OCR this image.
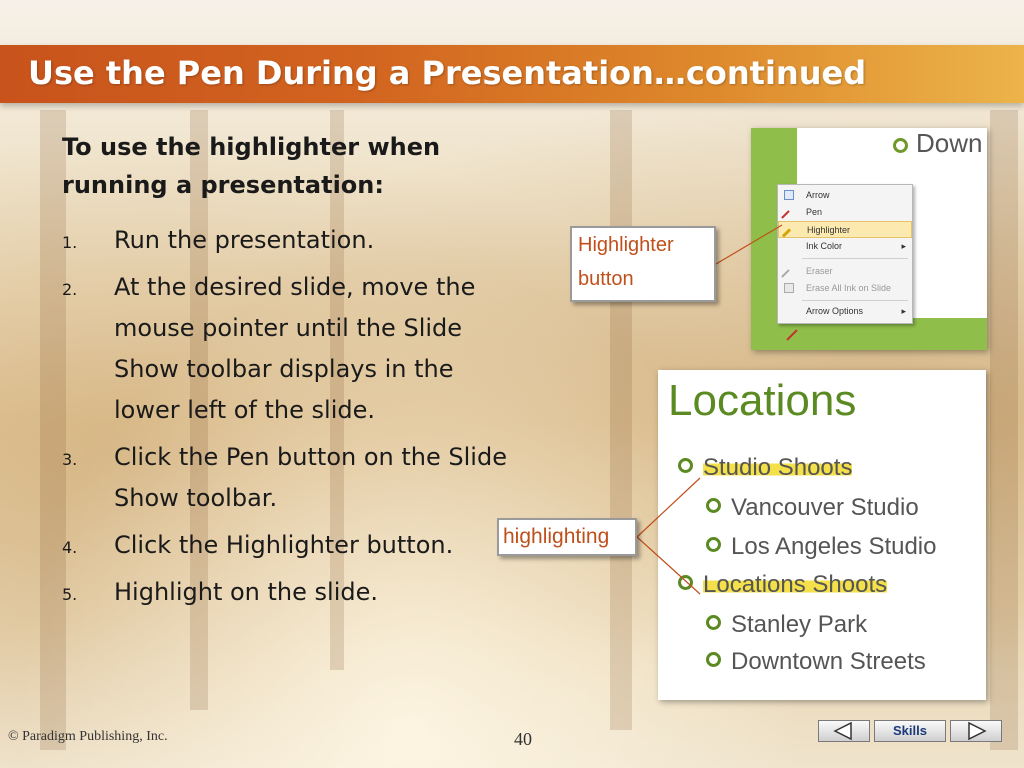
Use the Pen During a Presentation…continued
To use the highlighter when running a presentation:
1. Run the presentation.
2. At the desired slide, move the mouse pointer until the Slide Show toolbar displays in the lower left of the slide.
3. Click the Pen button on the Slide Show toolbar.
4. Click the Highlighter button.
5. Highlight on the slide.
Down
Arrow
Pen
Highlighter
Ink Color	▸
Eraser
Erase All Ink on Slide
Arrow Options	▸
Locations
Studio Shoots
Vancouver Studio
Los Angeles Studio
Locations Shoots
Stanley Park
Downtown Streets
Highlighter button
highlighting
© Paradigm Publishing, Inc.	40	Skills
